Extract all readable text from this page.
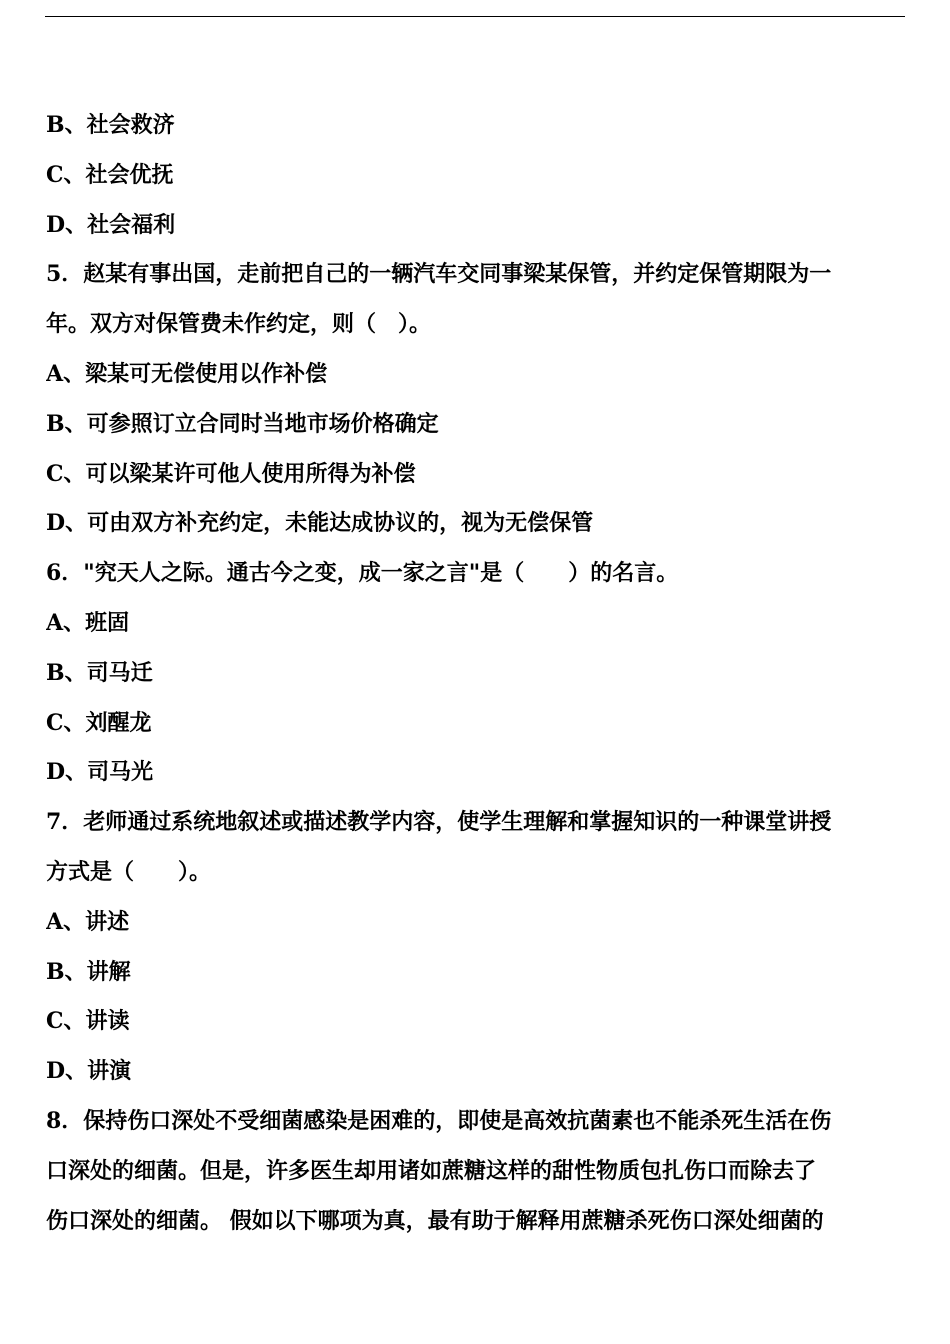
B、社会救济
C、社会优抚
D、社会福利
5．赵某有事出国，走前把自己的一辆汽车交同事梁某保管，并约定保管期限为一
年。双方对保管费未作约定，则（　）。
A、梁某可无偿使用以作补偿
B、可参照订立合同时当地市场价格确定
C、可以梁某许可他人使用所得为补偿
D、可由双方补充约定，未能达成协议的，视为无偿保管
6．"究天人之际。通古今之变，成一家之言"是（　　）的名言。
A、班固
B、司马迁
C、刘醒龙
D、司马光
7．老师通过系统地叙述或描述教学内容，使学生理解和掌握知识的一种课堂讲授
方式是（　　）。
A、讲述
B、讲解
C、讲读
D、讲演
8．保持伤口深处不受细菌感染是困难的，即使是高效抗菌素也不能杀死生活在伤
口深处的细菌。但是，许多医生却用诸如蔗糖这样的甜性物质包扎伤口而除去了
伤口深处的细菌。 假如以下哪项为真，最有助于解释用蔗糖杀死伤口深处细菌的
